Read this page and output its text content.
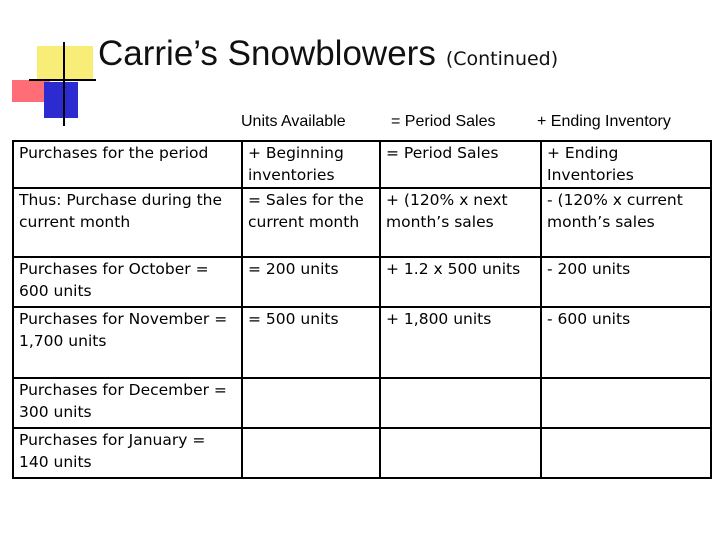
Carrie’s Snowblowers (Continued)
Units Available	= Period Sales	+ Ending Inventory
Purchases for the period	+ Beginning inventories	= Period Sales	+ Ending Inventories
Thus: Purchase during the current month	= Sales for the current month	+ (120% x next month’s sales	- (120% x current month’s sales
Purchases for October = 600 units	= 200 units	+ 1.2 x 500 units	- 200 units
Purchases for November = 1,700 units	= 500 units	+ 1,800 units	- 600 units
Purchases for December = 300 units			
Purchases for January = 140 units			
